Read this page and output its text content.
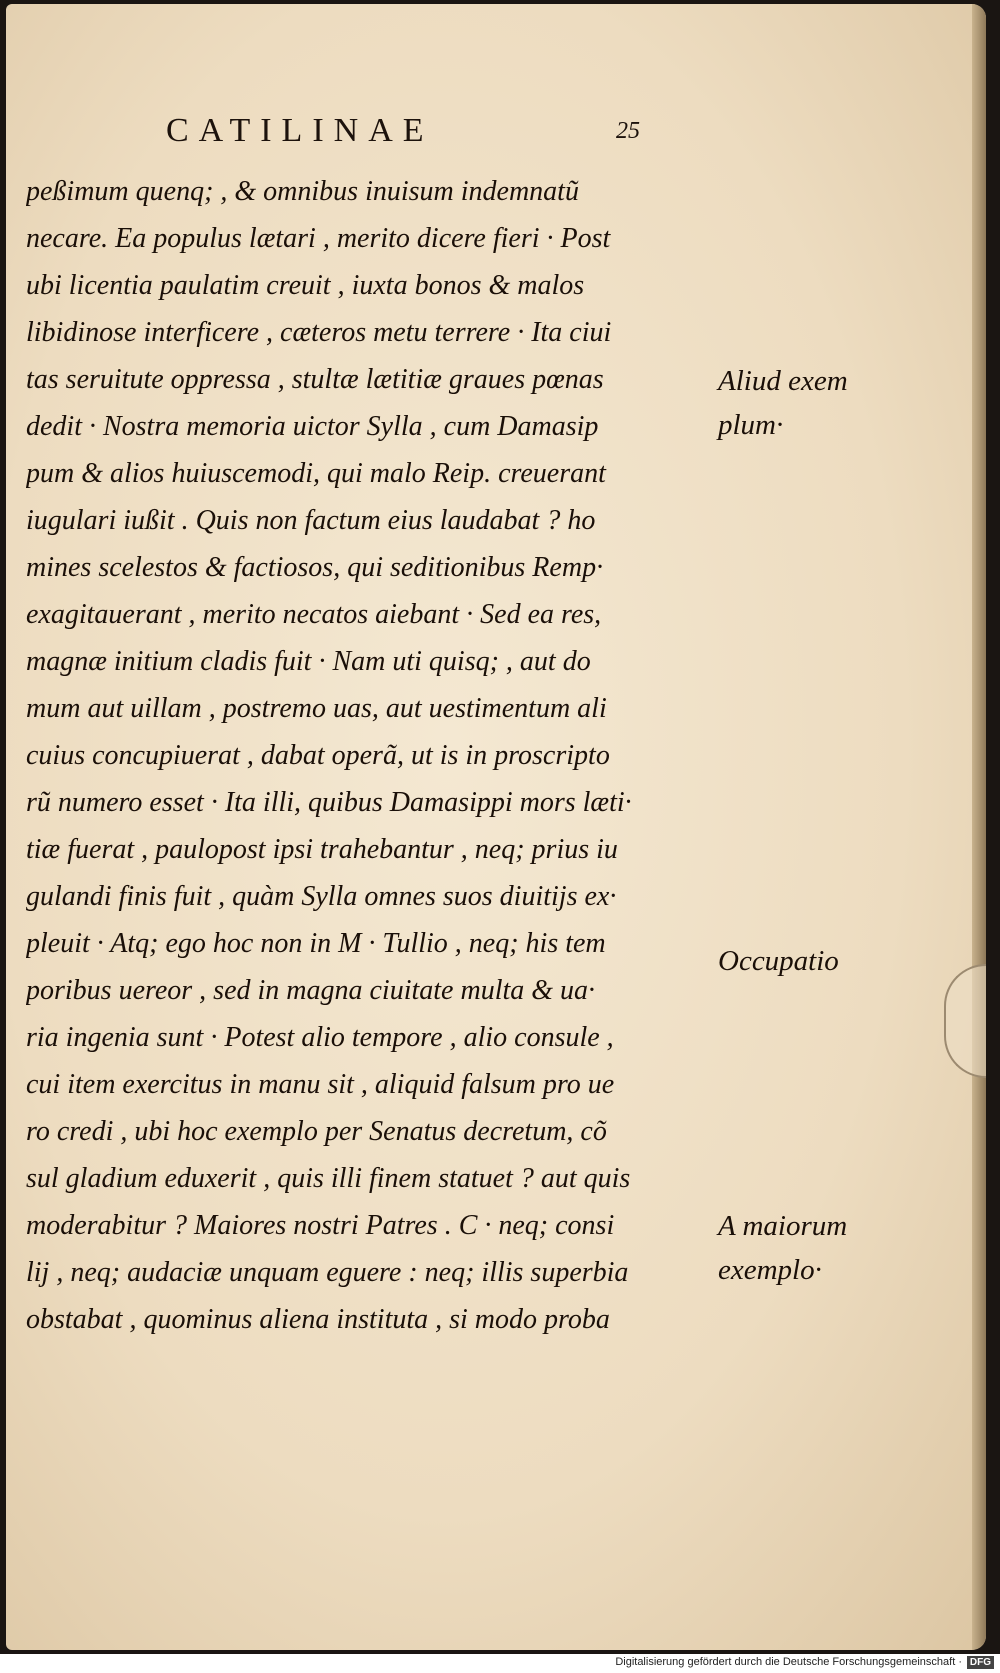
CATILINAE	25
peßimum quenq; , & omnibus inuisum indemnatũ
necare. Ea populus lætari , merito dicere fieri · Post
ubi licentia paulatim creuit , iuxta bonos & malos
libidinose interficere , cæteros metu terrere · Ita ciui
tas seruitute oppressa , stultæ lætitiæ graues pœnas
dedit · Nostra memoria uictor Sylla , cum Damasip
pum & alios huiuscemodi, qui malo Reip. creuerant
iugulari iußit . Quis non factum eius laudabat ? ho
mines scelestos & factiosos, qui seditionibus Remp·
exagitauerant , merito necatos aiebant · Sed ea res,
magnæ initium cladis fuit · Nam uti quisq; , aut do
mum aut uillam , postremo uas, aut uestimentum ali
cuius concupiuerat , dabat operã, ut is in proscripto
rũ numero esset · Ita illi, quibus Damasippi mors læti·
tiæ fuerat , paulopost ipsi trahebantur , neq; prius iu
gulandi finis fuit , quàm Sylla omnes suos diuitijs ex·
pleuit · Atq; ego hoc non in M · Tullio , neq; his tem
poribus uereor , sed in magna ciuitate multa & ua·
ria ingenia sunt · Potest alio tempore , alio consule ,
cui item exercitus in manu sit , aliquid falsum pro ue
ro credi , ubi hoc exemplo per Senatus decretum, cõ
sul gladium eduxerit , quis illi finem statuet ? aut quis
moderabitur ? Maiores nostri Patres . C · neq; consi
lij , neq; audaciæ unquam eguere : neq; illis superbia
obstabat , quominus aliena instituta , si modo proba
Aliud exem
plum·
Occupatio
A maiorum
exemplo·
Digitalisierung gefördert durch die Deutsche Forschungsgemeinschaft · DFG
